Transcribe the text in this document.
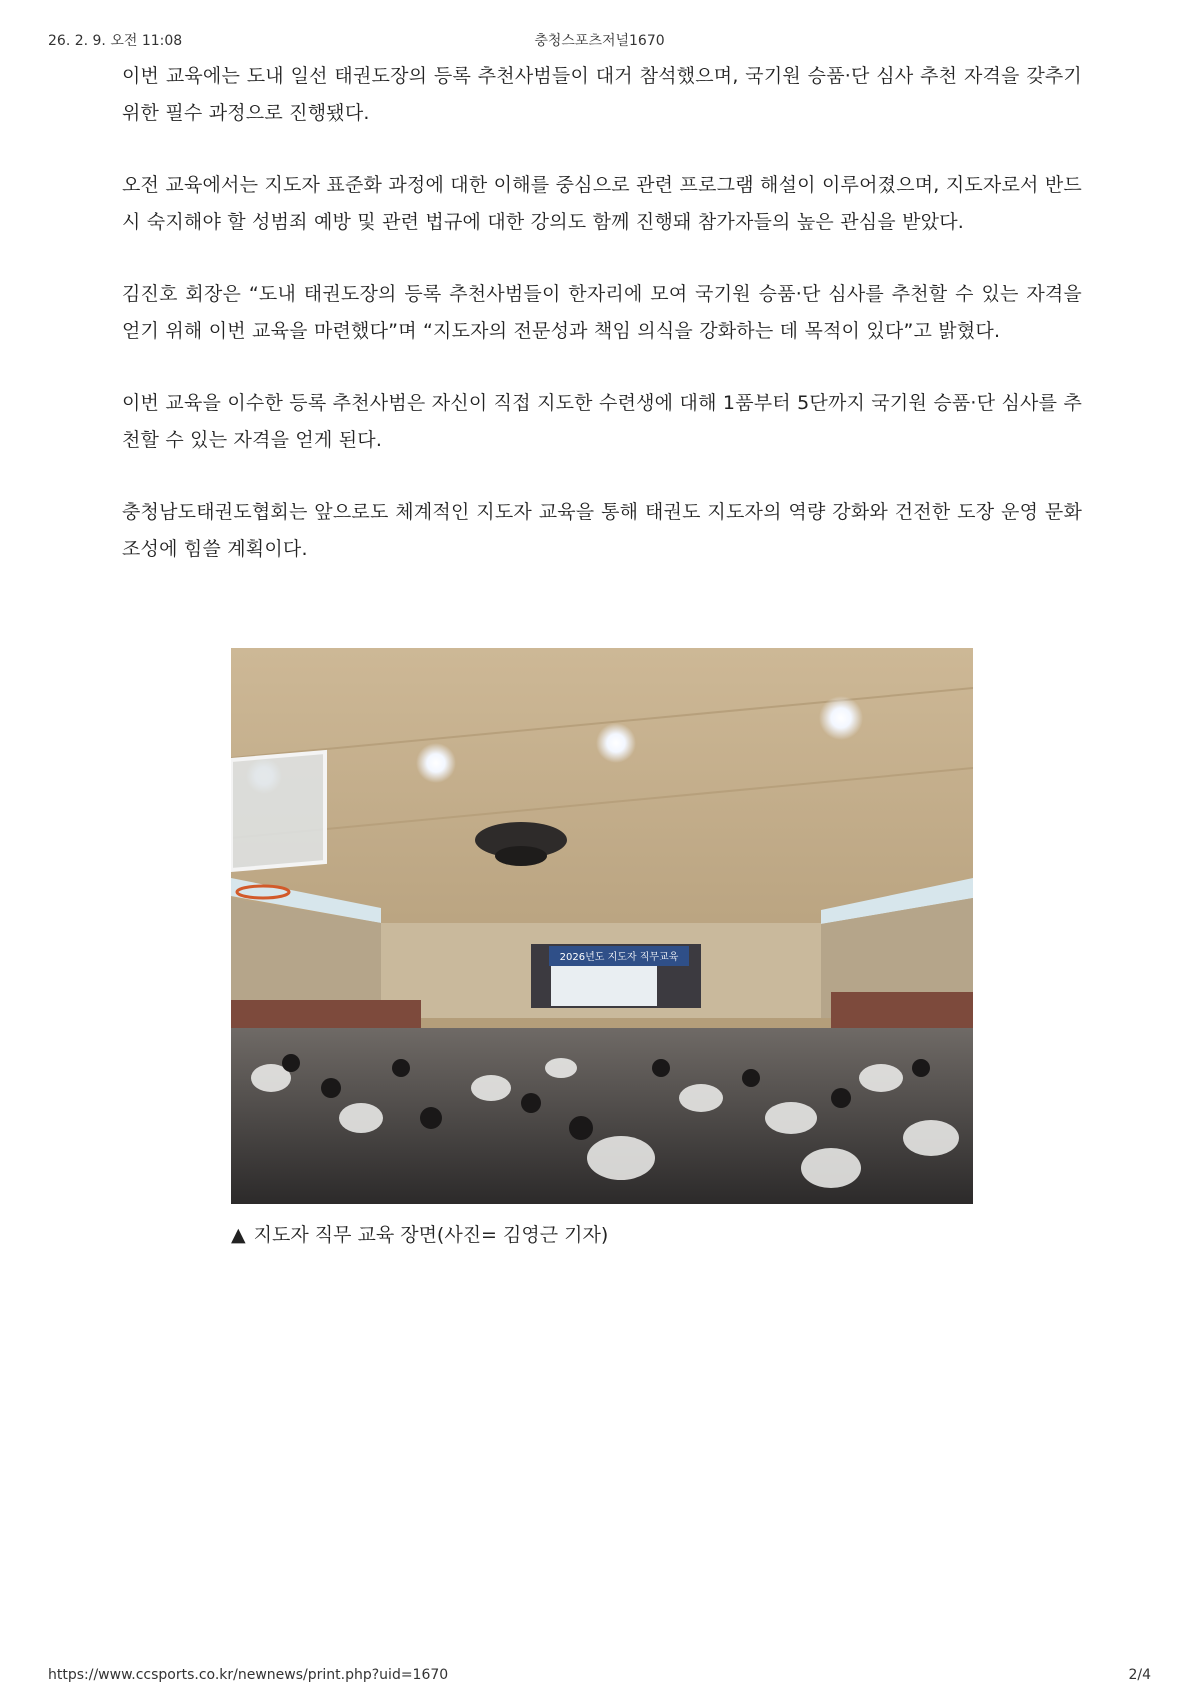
26. 2. 9. 오전 11:08	충청스포츠저널1670

이번 교육에는 도내 일선 태권도장의 등록 추천사범들이 대거 참석했으며, 국기원 승품·단 심사 추천 자격을 갖추기 위한 필수 과정으로 진행됐다.

오전 교육에서는 지도자 표준화 과정에 대한 이해를 중심으로 관련 프로그램 해설이 이루어졌으며, 지도자로서 반드시 숙지해야 할 성범죄 예방 및 관련 법규에 대한 강의도 함께 진행돼 참가자들의 높은 관심을 받았다.

김진호 회장은 “도내 태권도장의 등록 추천사범들이 한자리에 모여 국기원 승품·단 심사를 추천할 수 있는 자격을 얻기 위해 이번 교육을 마련했다”며 “지도자의 전문성과 책임 의식을 강화하는 데 목적이 있다”고 밝혔다.

이번 교육을 이수한 등록 추천사범은 자신이 직접 지도한 수련생에 대해 1품부터 5단까지 국기원 승품·단 심사를 추천할 수 있는 자격을 얻게 된다.

충청남도태권도협회는 앞으로도 체계적인 지도자 교육을 통해 태권도 지도자의 역량 강화와 건전한 도장 운영 문화 조성에 힘쓸 계획이다.

2026년도 지도자 직무교육
▲ 지도자 직무 교육 장면(사진= 김영근 기자)
https://www.ccsports.co.kr/newnews/print.php?uid=1670	2/4
